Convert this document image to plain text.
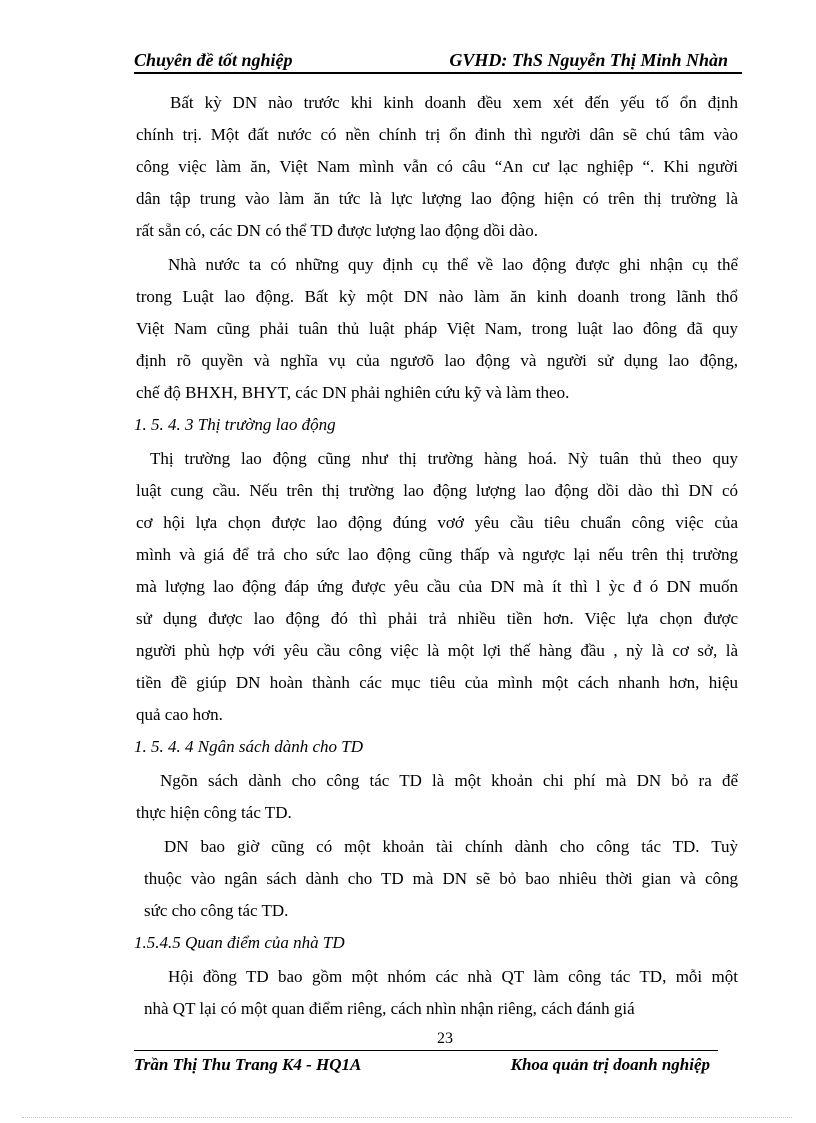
Chuyên đề tốt nghiệp	GVHD: ThS Nguyễn Thị Minh Nhàn
Bất kỳ DN nào trước khi kinh doanh đều xem xét đến yếu tố ổn định
chính trị. Một đất nước có nền chính trị ổn đinh thì người dân sẽ chú tâm vào
công việc làm ăn, Việt Nam mình vẫn có câu “An cư lạc nghiệp “. Khi người
dân tập trung vào làm ăn tức là lực lượng lao động hiện có trên thị trường là
rất sẵn có, các DN có thể TD được lượng lao động dồi dào.
Nhà nước ta có những quy định cụ thể về lao động được ghi nhận cụ thể
trong Luật lao động. Bất kỳ một DN nào làm ăn kinh doanh trong lãnh thổ
Việt Nam cũng phải tuân thủ luật pháp Việt Nam, trong luật lao đông đã quy
định rõ quyền và nghĩa vụ của ngươõ lao động và người sử dụng lao động,
chế độ BHXH, BHYT, các DN phải nghiên cứu kỹ và làm theo.
1. 5. 4. 3 Thị trường lao động
Thị trường lao động cũng như thị trường hàng hoá. Nỳ tuân thủ theo quy
luật cung cầu. Nếu trên thị trường lao động lượng lao động dồi dào thì DN có
cơ hội lựa chọn được lao động đúng vơớ yêu cầu tiêu chuẩn công việc của
mình và giá để trả cho sức lao động cũng thấp và ngược lại nếu trên thị trường
mà lượng lao động đáp ứng được yêu cầu của DN mà ít thì l ỳc đ ó DN muốn
sử dụng được lao động đó thì phải trả nhiều tiền hơn. Việc lựa chọn được
người phù hợp với yêu cầu công việc là một lợi thế hàng đầu , nỳ là cơ sở, là
tiền đề giúp DN hoàn thành các mục tiêu của mình một cách nhanh hơn, hiệu
quả cao hơn.
1. 5. 4. 4 Ngân sách dành cho TD
Ngõn sách dành cho công tác TD là một khoản chi phí mà DN bỏ ra để
thực hiện công tác TD.
DN bao giờ cũng có một khoản tài chính dành cho công tác TD. Tuỳ
thuộc vào ngân sách dành cho TD mà DN sẽ bỏ bao nhiêu thời gian và công
sức cho công tác TD.
1.5.4.5 Quan điểm của nhà TD
Hội đồng TD bao gồm một nhóm các nhà QT làm công tác TD, mỗi một
nhà QT lại có một quan điểm riêng, cách nhìn nhận riêng, cách đánh giá
23
Trần Thị Thu Trang K4 - HQ1A	Khoa quản trị doanh nghiệp
